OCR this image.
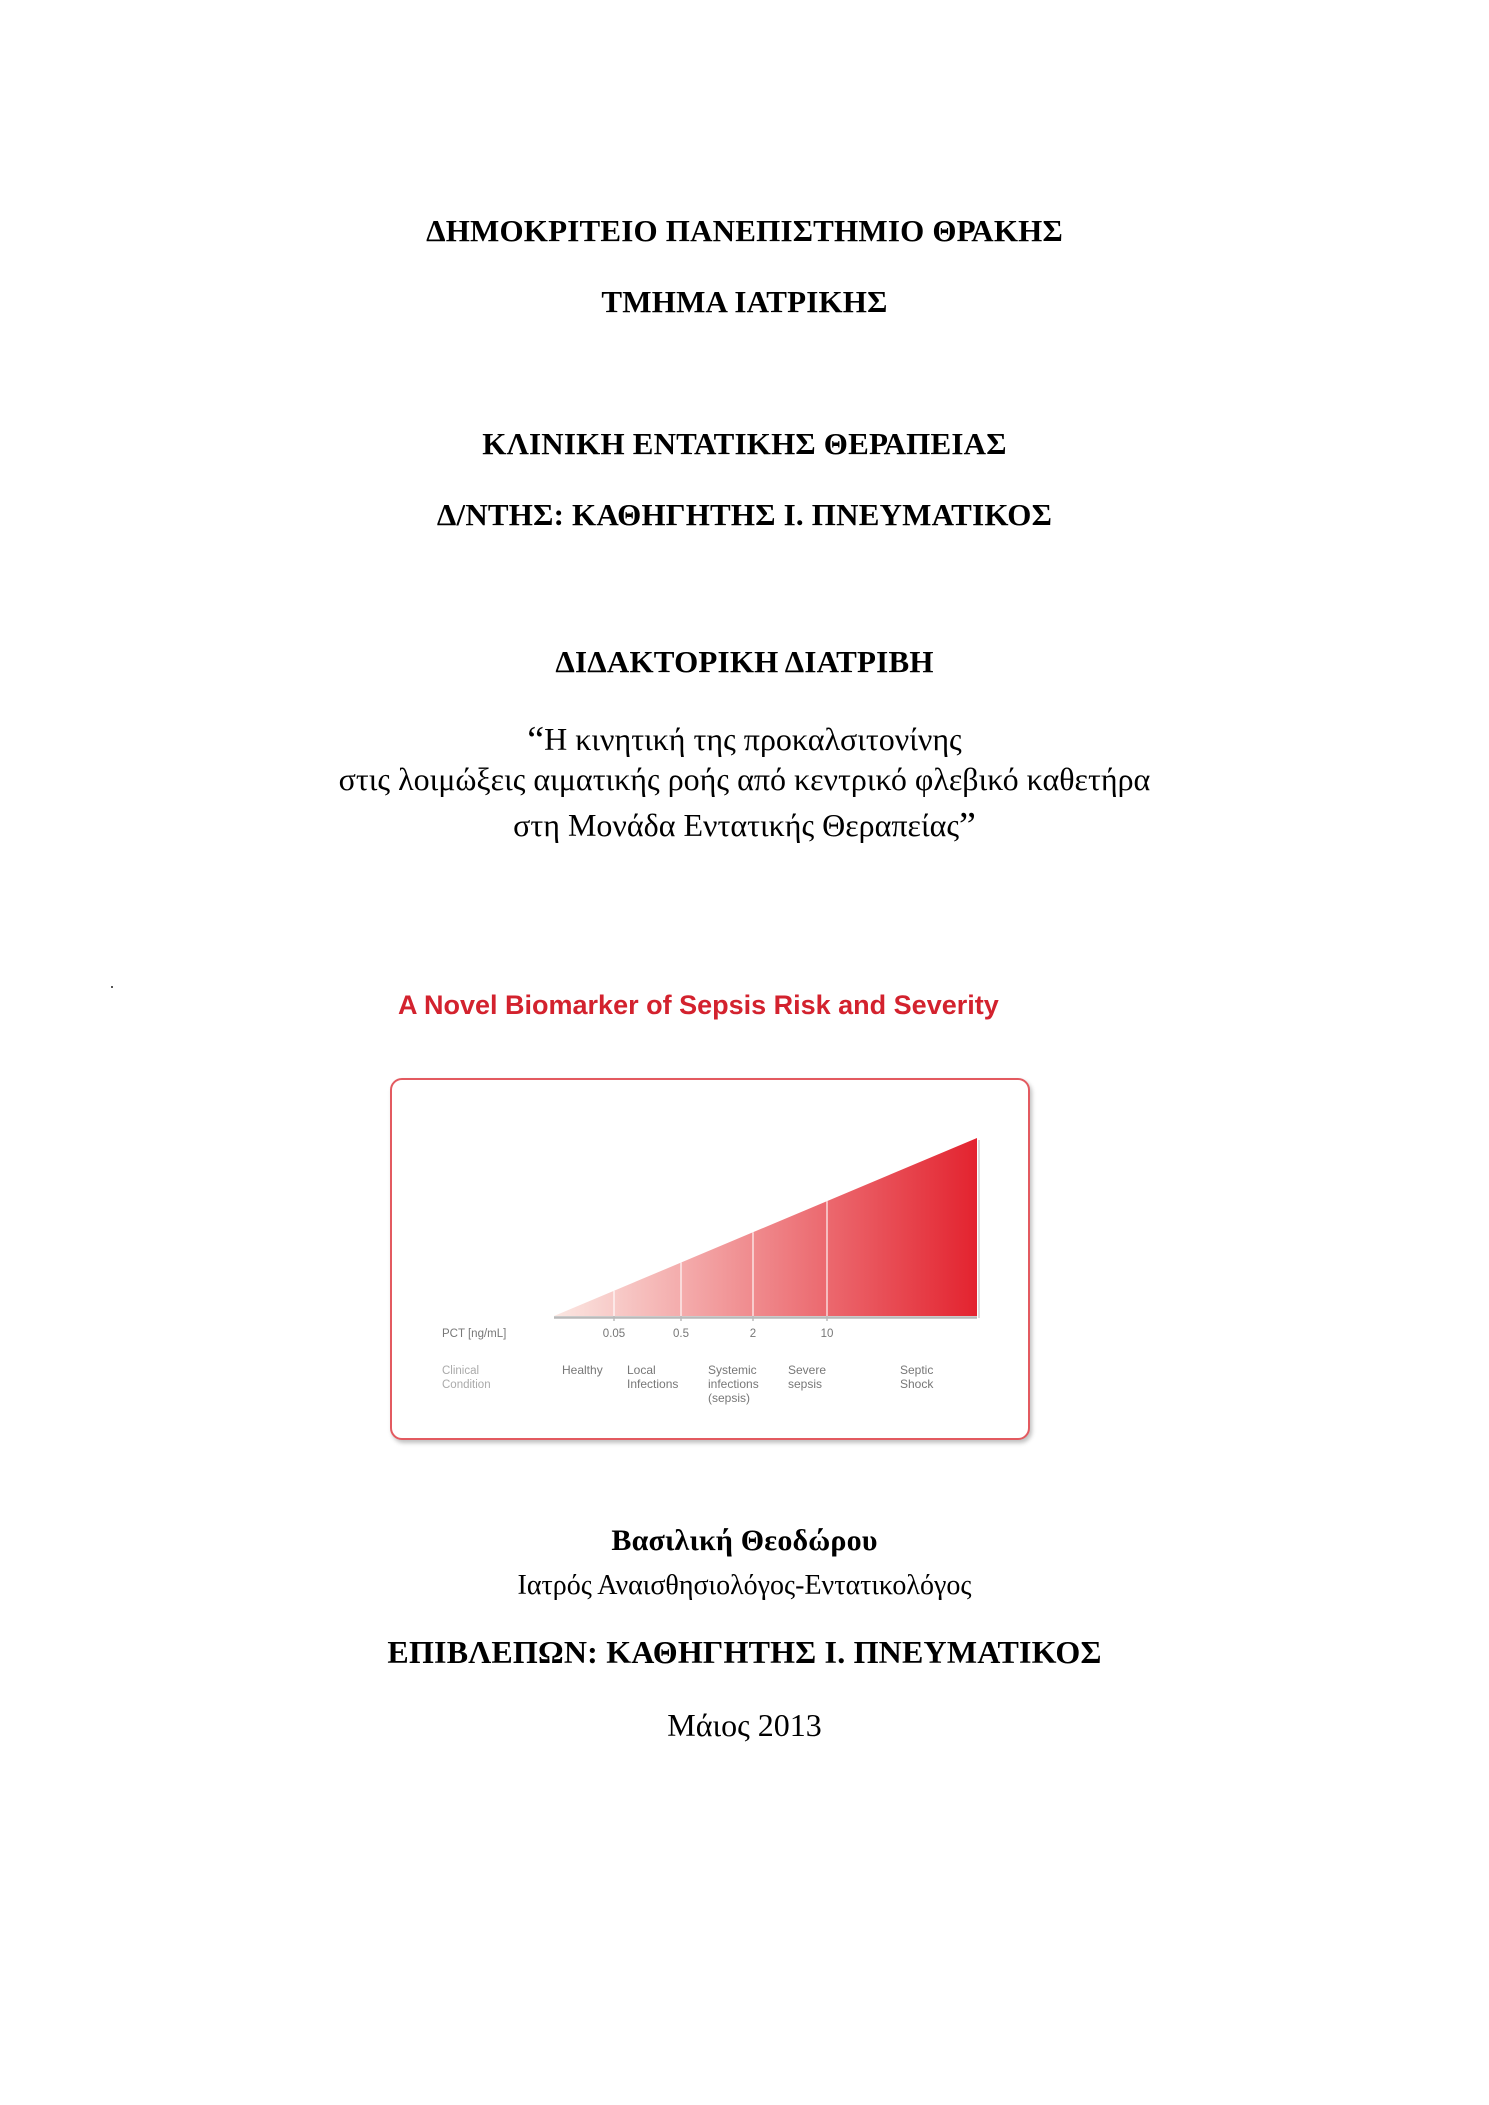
ΔΗΜΟΚΡΙΤΕΙΟ ΠΑΝΕΠΙΣΤΗΜΙΟ ΘΡΑΚΗΣ
ΤΜΗΜΑ ΙΑΤΡΙΚΗΣ
ΚΛΙΝΙΚΗ ΕΝΤΑΤΙΚΗΣ ΘΕΡΑΠΕΙΑΣ
Δ/ΝΤΗΣ: ΚΑΘΗΓΗΤΗΣ Ι. ΠΝΕΥΜΑΤΙΚΟΣ
ΔΙΔΑΚΤΟΡΙΚΗ ΔΙΑΤΡΙΒΗ
“Η κινητική της προκαλσιτονίνης
στις λοιμώξεις αιματικής ροής από κεντρικό φλεβικό καθετήρα
στη Μονάδα Εντατικής Θεραπείας”
A Novel Biomarker of Sepsis Risk and Severity
PCT [ng/mL]	0.05	0.5	2	10
Clinical
Condition
Healthy Local
Infections
Systemic
infections
(sepsis)
Severe
sepsis
Septic
Shock
Βασιλική Θεοδώρου
Ιατρός Αναισθησιολόγος-Εντατικολόγος
ΕΠΙΒΛΕΠΩΝ: ΚΑΘΗΓΗΤΗΣ Ι. ΠΝΕΥΜΑΤΙΚΟΣ
Μάιος 2013
